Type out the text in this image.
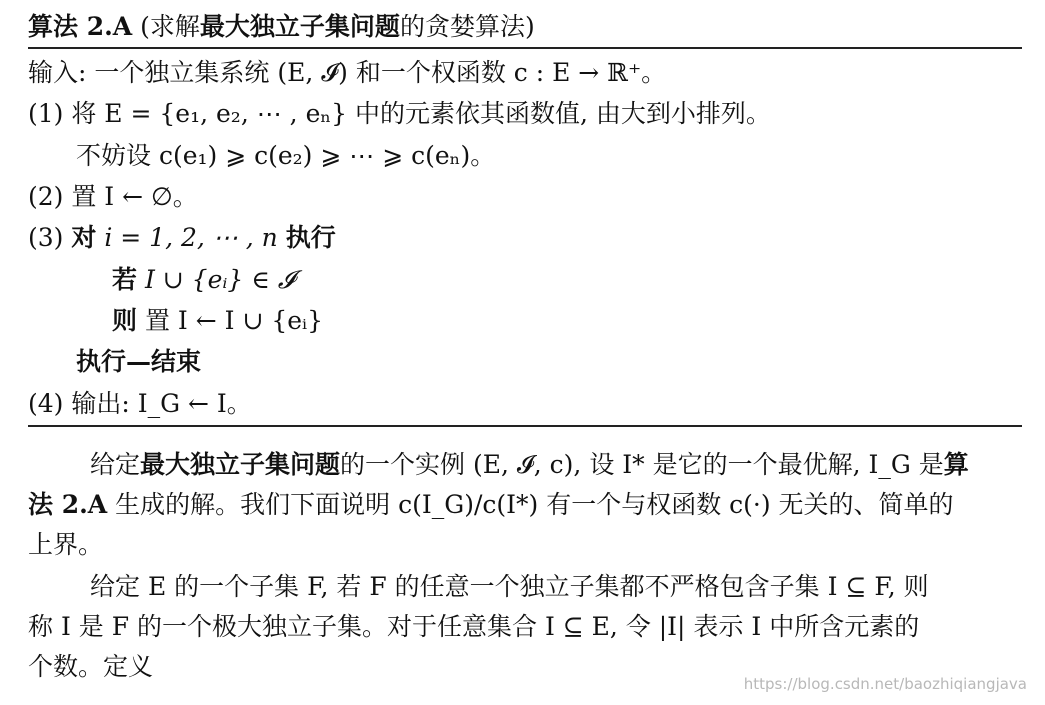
算法 2.A (求解最大独立子集问题的贪婪算法)
输入: 一个独立集系统 (E, 𝓘) 和一个权函数 c : E → ℝ⁺。
(1) 将 E = {e₁, e₂, ⋯ , eₙ} 中的元素依其函数值, 由大到小排列。
不妨设 c(e₁) ⩾ c(e₂) ⩾ ⋯ ⩾ c(eₙ)。
(2) 置 I ← ∅。
(3) 对 i = 1, 2, ⋯ , n 执行
若 I ∪ {eᵢ} ∈ 𝓘
则 置 I ← I ∪ {eᵢ}
执行—结束
(4) 输出: I_G ← I。
给定最大独立子集问题的一个实例 (E, 𝓘, c), 设 I* 是它的一个最优解, I_G 是算
法 2.A 生成的解。我们下面说明 c(I_G)/c(I*) 有一个与权函数 c(·) 无关的、简单的
上界。
给定 E 的一个子集 F, 若 F 的任意一个独立子集都不严格包含子集 I ⊆ F, 则
称 I 是 F 的一个极大独立子集。对于任意集合 I ⊆ E, 令 |I| 表示 I 中所含元素的
个数。定义
https://blog.csdn.net/baozhiqiangjava
